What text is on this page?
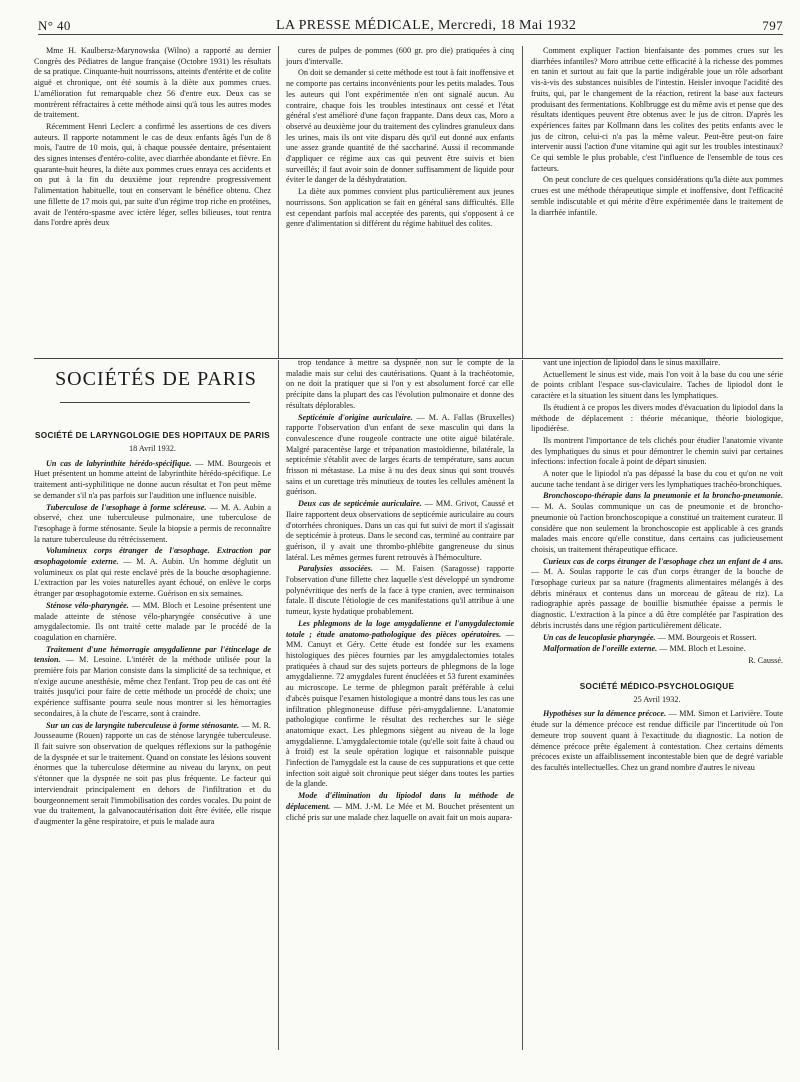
N° 40	LA PRESSE MÉDICALE, Mercredi, 18 Mai 1932	797

Mme H. Kaulbersz-Marynowska (Wilno) a rapporté au dernier Congrès des Pédiatres de langue française (Octobre 1931) les résultats de sa pratique. Cinquante-huit nourrissons, atteints d'entérite et de colite aiguë et chronique, ont été soumis à la diète aux pommes crues. L'amélioration fut remarquable chez 56 d'entre eux. Deux cas se montrèrent réfractaires à cette méthode ainsi qu'à tous les autres modes de traitement.

Récemment Henri Leclerc a confirmé les assertions de ces divers auteurs. Il rapporte notamment le cas de deux enfants âgés l'un de 8 mois, l'autre de 10 mois, qui, à chaque poussée dentaire, présentaient des signes intenses d'entéro-colite, avec diarrhée abondante et fièvre. En quarante-huit heures, la diète aux pommes crues enraya ces accidents et on put à la fin du deuxième jour reprendre progressivement l'alimentation habituelle, tout en conservant le bénéfice obtenu. Chez une fillette de 17 mois qui, par suite d'un régime trop riche en protéines, avait de l'entéro-spasme avec ictère léger, selles bilieuses, tout rentra dans l'ordre après deux

cures de pulpes de pommes (600 gr. pro die) pratiquées à cinq jours d'intervalle.

On doit se demander si cette méthode est tout à fait inoffensive et ne comporte pas certains inconvénients pour les petits malades. Tous les auteurs qui l'ont expérimentée n'en ont signalé aucun. Au contraire, chaque fois les troubles intestinaux ont cessé et l'état général s'est amélioré d'une façon frappante. Dans deux cas, Moro a observé au deuxième jour du traitement des cylindres granuleux dans les urines, mais ils ont vite disparu dès qu'il eut donné aux enfants une assez grande quantité de thé sacchariné. Aussi il recommande d'appliquer ce régime aux cas qui peuvent être suivis et bien surveillés; il faut avoir soin de donner suffisamment de liquide pour éviter le danger de la déshydratation.

La diète aux pommes convient plus particulièrement aux jeunes nourrissons. Son application se fait en général sans difficultés. Elle est cependant parfois mal acceptée des parents, qui s'opposent à ce genre d'alimentation si différent du régime habituel des colites.

Comment expliquer l'action bienfaisante des pommes crues sur les diarrhées infantiles? Moro attribue cette efficacité à la richesse des pommes en tanin et surtout au fait que la partie indigérable joue un rôle adsorbant vis-à-vis des substances nuisibles de l'intestin. Heisler invoque l'acidité des fruits, qui, par le changement de la réaction, retirent la base aux facteurs produisant des fermentations. Kohlbrugge est du même avis et pense que des résultats identiques peuvent être obtenus avec le jus de citron. D'après les expériences faites par Kollmann dans les colites des petits enfants avec le jus de citron, celui-ci n'a pas la même valeur. Peut-être peut-on faire intervenir aussi l'action d'une vitamine qui agit sur les troubles intestinaux? Ce qui semble le plus probable, c'est l'influence de l'ensemble de tous ces facteurs.

On peut conclure de ces quelques considérations qu'la diète aux pommes crues est une méthode thérapeutique simple et inoffensive, dont l'efficacité semble indiscutable et qui mérite d'être expérimentée dans le traitement de la diarrhée infantile.

SOCIÉTÉS DE PARIS
SOCIÉTÉ DE LARYNGOLOGIE DES HOPITAUX DE PARIS
18 Avril 1932.

Un cas de labyrinthite hérédo-spécifique. — MM. Bourgeois et Huet présentent un homme atteint de labyrinthite hérédo-spécifique. Le traitement anti-syphilitique ne donne aucun résultat et l'on peut même se demander s'il n'a pas parfois sur l'audition une influence nuisible.

Tuberculose de l'œsophage à forme scléreuse. — M. A. Aubin a observé, chez une tuberculeuse pulmonaire, une tuberculose de l'œsophage à forme sténosante. Seule la biopsie a permis de reconnaître la nature tuberculeuse du rétrécissement.

Volumineux corps étranger de l'œsophage. Extraction par œsophagotomie externe. — M. A. Aubin. Un homme déglutit un volumineux os plat qui reste enclavé près de la bouche œsophagienne. L'extraction par les voies naturelles ayant échoué, on enlève le corps étranger par œsophagotomie externe. Guérison en six semaines.

Sténose vélo-pharyngée. — MM. Bloch et Lesoine présentent une malade atteinte de sténose vélo-pharyngée consécutive à une amygdalectomie. Ils ont traité cette malade par le procédé de la coagulation en charnière.

Traitement d'une hémorragie amygdalienne par l'étincelage de tension. — M. Lesoine. L'intérêt de la méthode utilisée pour la première fois par Marion consiste dans la simplicité de sa technique, et n'exige aucune anesthésie, même chez l'enfant. Trop peu de cas ont été traités jusqu'ici pour faire de cette méthode un procédé de choix; une expérience suffisante pourra seule nous montrer si les hémorragies secondaires, à la chute de l'escarre, sont à craindre.

Sur un cas de laryngite tuberculeuse à forme sténosante. — M. R. Jousseaume (Rouen) rapporte un cas de sténose laryngée tuberculeuse. Il fait suivre son observation de quelques réflexions sur la pathogénie de la dyspnée et sur le traitement. Quand on constate les lésions souvent énormes que la tuberculose détermine au niveau du larynx, on peut s'étonner que la dyspnée ne soit pas plus fréquente. Le facteur qui interviendrait principalement en dehors de l'infiltration et du bourgeonnement serait l'immobilisation des cordes vocales. Du point de vue du traitement, la galvanocautérisation doit être évitée, elle risque d'augmenter la gêne respiratoire, et puis le malade aura

trop tendance à mettre sa dyspnée non sur le compte de la maladie mais sur celui des cautérisations. Quant à la trachéotomie, on ne doit la pratiquer que si l'on y est absolument forcé car elle précipite dans la plupart des cas l'évolution pulmonaire et donne des résultats déplorables.

Septicémie d'origine auriculaire. — M. A. Fallas (Bruxelles) rapporte l'observation d'un enfant de sexe masculin qui dans la convalescence d'une rougeole contracte une otite aiguë bilatérale. Malgré paracentèse large et trépanation mastoïdienne, bilatérale, la septicémie s'établit avec de larges écarts de température, sans aucun frisson ni métastase. La mise à nu des deux sinus qui sont trouvés sains et un curettage très minutieux de toutes les cellules amènent la guérison.

Deux cas de septicémie auriculaire. — MM. Grivot, Caussé et Ilaire rapportent deux observations de septicémie auriculaire au cours d'otorrhées chroniques. Dans un cas qui fut suivi de mort il s'agissait de septicémie à proteus. Dans le second cas, terminé au contraire par guérison, il y avait une thrombo-phlébite gangreneuse du sinus latéral. Les mêmes germes furent retrouvés à l'hémoculture.

Paralysies associées. — M. Faisen (Saragosse) rapporte l'observation d'une fillette chez laquelle s'est développé un syndrome polynévritique des nerfs de la face à type cranien, avec terminaison fatale. Il discute l'étiologie de ces manifestations qu'il attribue à une tumeur, kyste hydatique probablement.

Les phlegmons de la loge amygdalienne et l'amygdalectomie totale ; étude anatomo-pathologique des pièces opératoires. — MM. Canuyt et Géry. Cette étude est fondée sur les examens histologiques des pièces fournies par les amygdalectomies totales pratiquées à chaud sur des sujets porteurs de phlegmons de la loge amygdalienne. 72 amygdales furent énucléées et 53 furent examinées au microscope. Le terme de phlegmon paraît préférable à celui d'abcès puisque l'examen histologique a montré dans tous les cas une infiltration phlegmoneuse diffuse péri-amygdalienne. L'anatomie pathologique confirme le résultat des recherches sur le siège anatomique exact. Les phlegmons siègent au niveau de la loge amygdalienne. L'amygdalectomie totale (qu'elle soit faite à chaud ou à froid) est la seule opération logique et raisonnable puisque l'infection de l'amygdale est la cause de ces suppurations et que cette infection soit aiguë soit chronique peut siéger dans toutes les parties de la glande.

Mode d'élimination du lipiodol dans la méthode de déplacement. — MM. J.-M. Le Mée et M. Bouchet présentent un cliché pris sur une malade chez laquelle on avait fait un mois aupara-

vant une injection de lipiodol dans le sinus maxillaire.

Actuellement le sinus est vide, mais l'on voit à la base du cou une série de points criblant l'espace sus-claviculaire. Taches de lipiodol dont le caractère et la situation les situent dans les lymphatiques.

Ils étudient à ce propos les divers modes d'évacuation du lipiodol dans la méthode de déplacement : théorie mécanique, théorie biologique, lipodiérèse.

Ils montrent l'importance de tels clichés pour étudier l'anatomie vivante des lymphatiques du sinus et pour démontrer le chemin suivi par certaines infections: infection focale à point de départ sinusien.

A noter que le lipiodol n'a pas dépassé la base du cou et qu'on ne voit aucune tache tendant à se diriger vers les lymphatiques trachéo-bronchiques.

Bronchoscopo-thérapie dans la pneumonie et la broncho-pneumonie. — M. A. Soulas communique un cas de pneumonie et de broncho-pneumonie où l'action bronchoscopique a constitué un traitement curateur. Il considère que non seulement la bronchoscopie est applicable à ces grands malades mais encore qu'elle constitue, dans certains cas judicieusement choisis, un traitement thérapeutique efficace.

Curieux cas de corps étranger de l'œsophage chez un enfant de 4 ans. — M. A. Soulas rapporte le cas d'un corps étranger de la bouche de l'œsophage curieux par sa nature (fragments alimentaires mélangés à des débris minéraux et contenus dans un morceau de gâteau de riz). La radiographie après passage de bouillie bismuthée épaisse a permis le diagnostic. L'extraction à la pince a dû être complétée par l'aspiration des débris incrustés dans une région particulièrement délicate.

Un cas de leucoplasie pharyngée. — MM. Bourgeois et Rossert.

Malformation de l'oreille externe. — MM. Bloch et Lesoine.

R. Caussé.

SOCIÉTÉ MÉDICO-PSYCHOLOGIQUE
25 Avril 1932.

Hypothèses sur la démence précoce. — MM. Simon et Larivière. Toute étude sur la démence précoce est rendue difficile par l'incertitude où l'on demeure trop souvent quant à l'exactitude du diagnostic. La notion de démence précoce prête également à contestation. Chez certains déments précoces existe un affaiblissement incontestable bien que de degré variable des facultés intellectuelles. Chez un grand nombre d'autres le niveau
